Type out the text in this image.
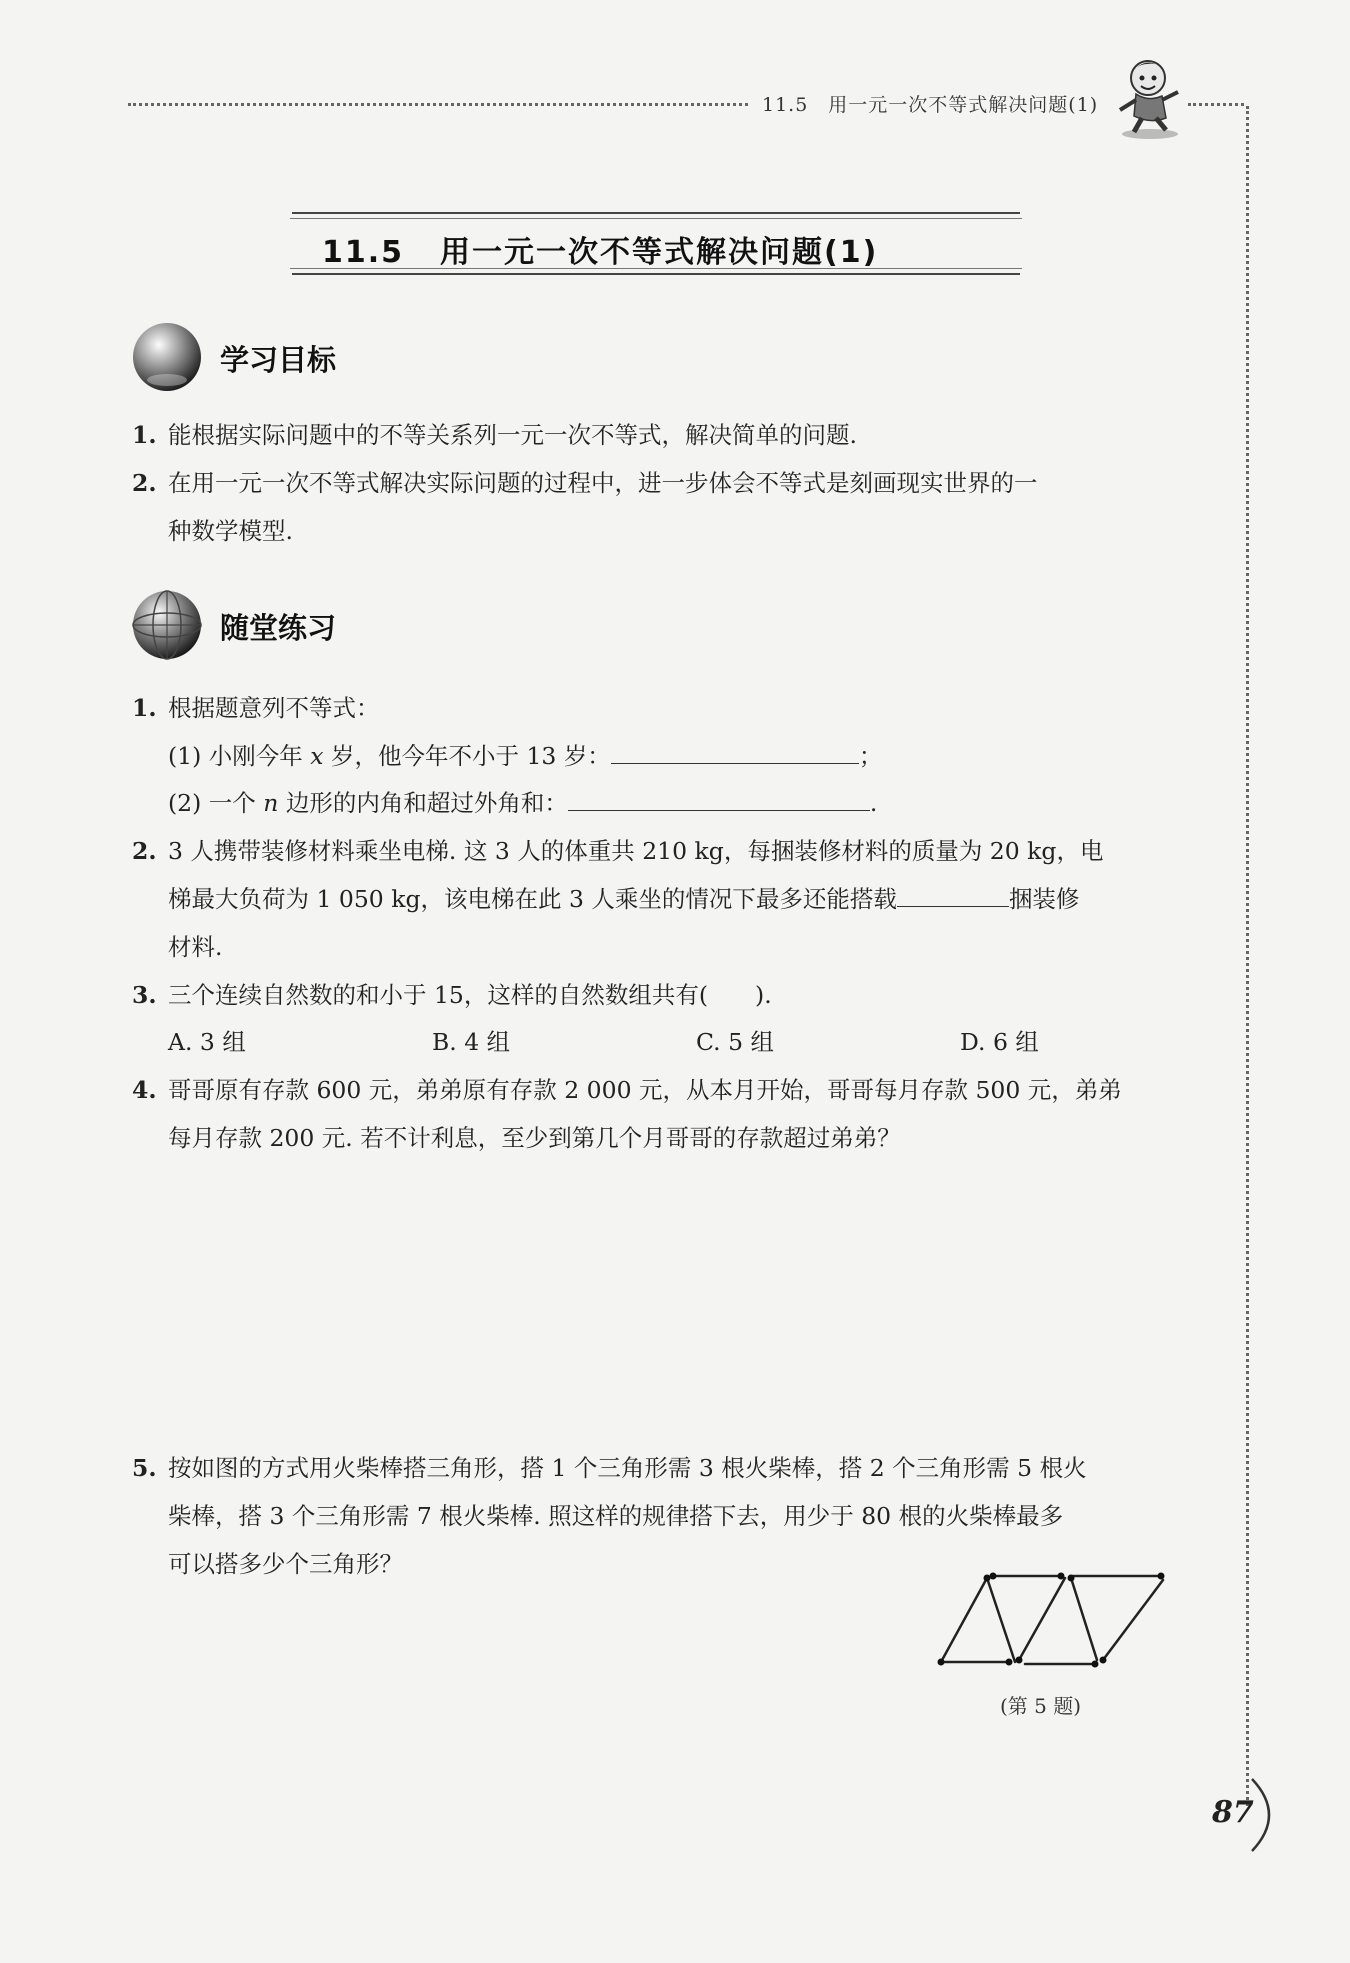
11.5　用一元一次不等式解决问题(1)
11.5 用一元一次不等式解决问题(1)
学习目标
1. 能根据实际问题中的不等关系列一元一次不等式，解决简单的问题.
2. 在用一元一次不等式解决实际问题的过程中，进一步体会不等式是刻画现实世界的一
种数学模型.
随堂练习
1. 根据题意列不等式：
(1) 小刚今年 x 岁，他今年不小于 13 岁：	；
(2) 一个 n 边形的内角和超过外角和：	.
2. 3 人携带装修材料乘坐电梯. 这 3 人的体重共 210 kg，每捆装修材料的质量为 20 kg，电
梯最大负荷为 1 050 kg，该电梯在此 3 人乘坐的情况下最多还能搭载	捆装修
材料.
3. 三个连续自然数的和小于 15，这样的自然数组共有(　　).
A. 3 组	B. 4 组	C. 5 组	D. 6 组
4. 哥哥原有存款 600 元，弟弟原有存款 2 000 元，从本月开始，哥哥每月存款 500 元，弟弟
每月存款 200 元. 若不计利息，至少到第几个月哥哥的存款超过弟弟？
5. 按如图的方式用火柴棒搭三角形，搭 1 个三角形需 3 根火柴棒，搭 2 个三角形需 5 根火
柴棒，搭 3 个三角形需 7 根火柴棒. 照这样的规律搭下去，用少于 80 根的火柴棒最多
可以搭多少个三角形？
(第 5 题)
87
